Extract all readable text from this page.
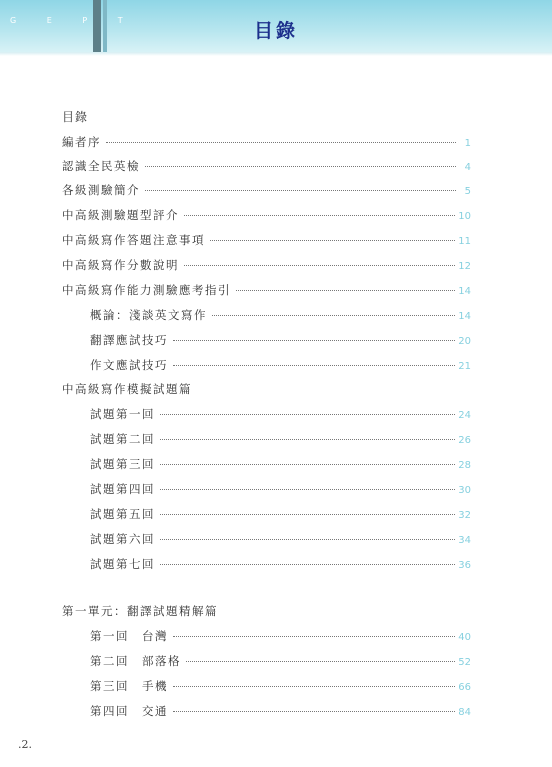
G E P T	目錄
目錄
編者序	1
認識全民英檢	4
各級測驗簡介	5
中高級測驗題型評介	10
中高級寫作答題注意事項	11
中高級寫作分數說明	12
中高級寫作能力測驗應考指引	14
概論：淺談英文寫作	14
翻譯應試技巧	20
作文應試技巧	21
中高級寫作模擬試題篇
試題第一回	24
試題第二回	26
試題第三回	28
試題第四回	30
試題第五回	32
試題第六回	34
試題第七回	36
第一單元：翻譯試題精解篇
第一回　台灣	40
第二回　部落格	52
第三回　手機	66
第四回　交通	84
.2.
